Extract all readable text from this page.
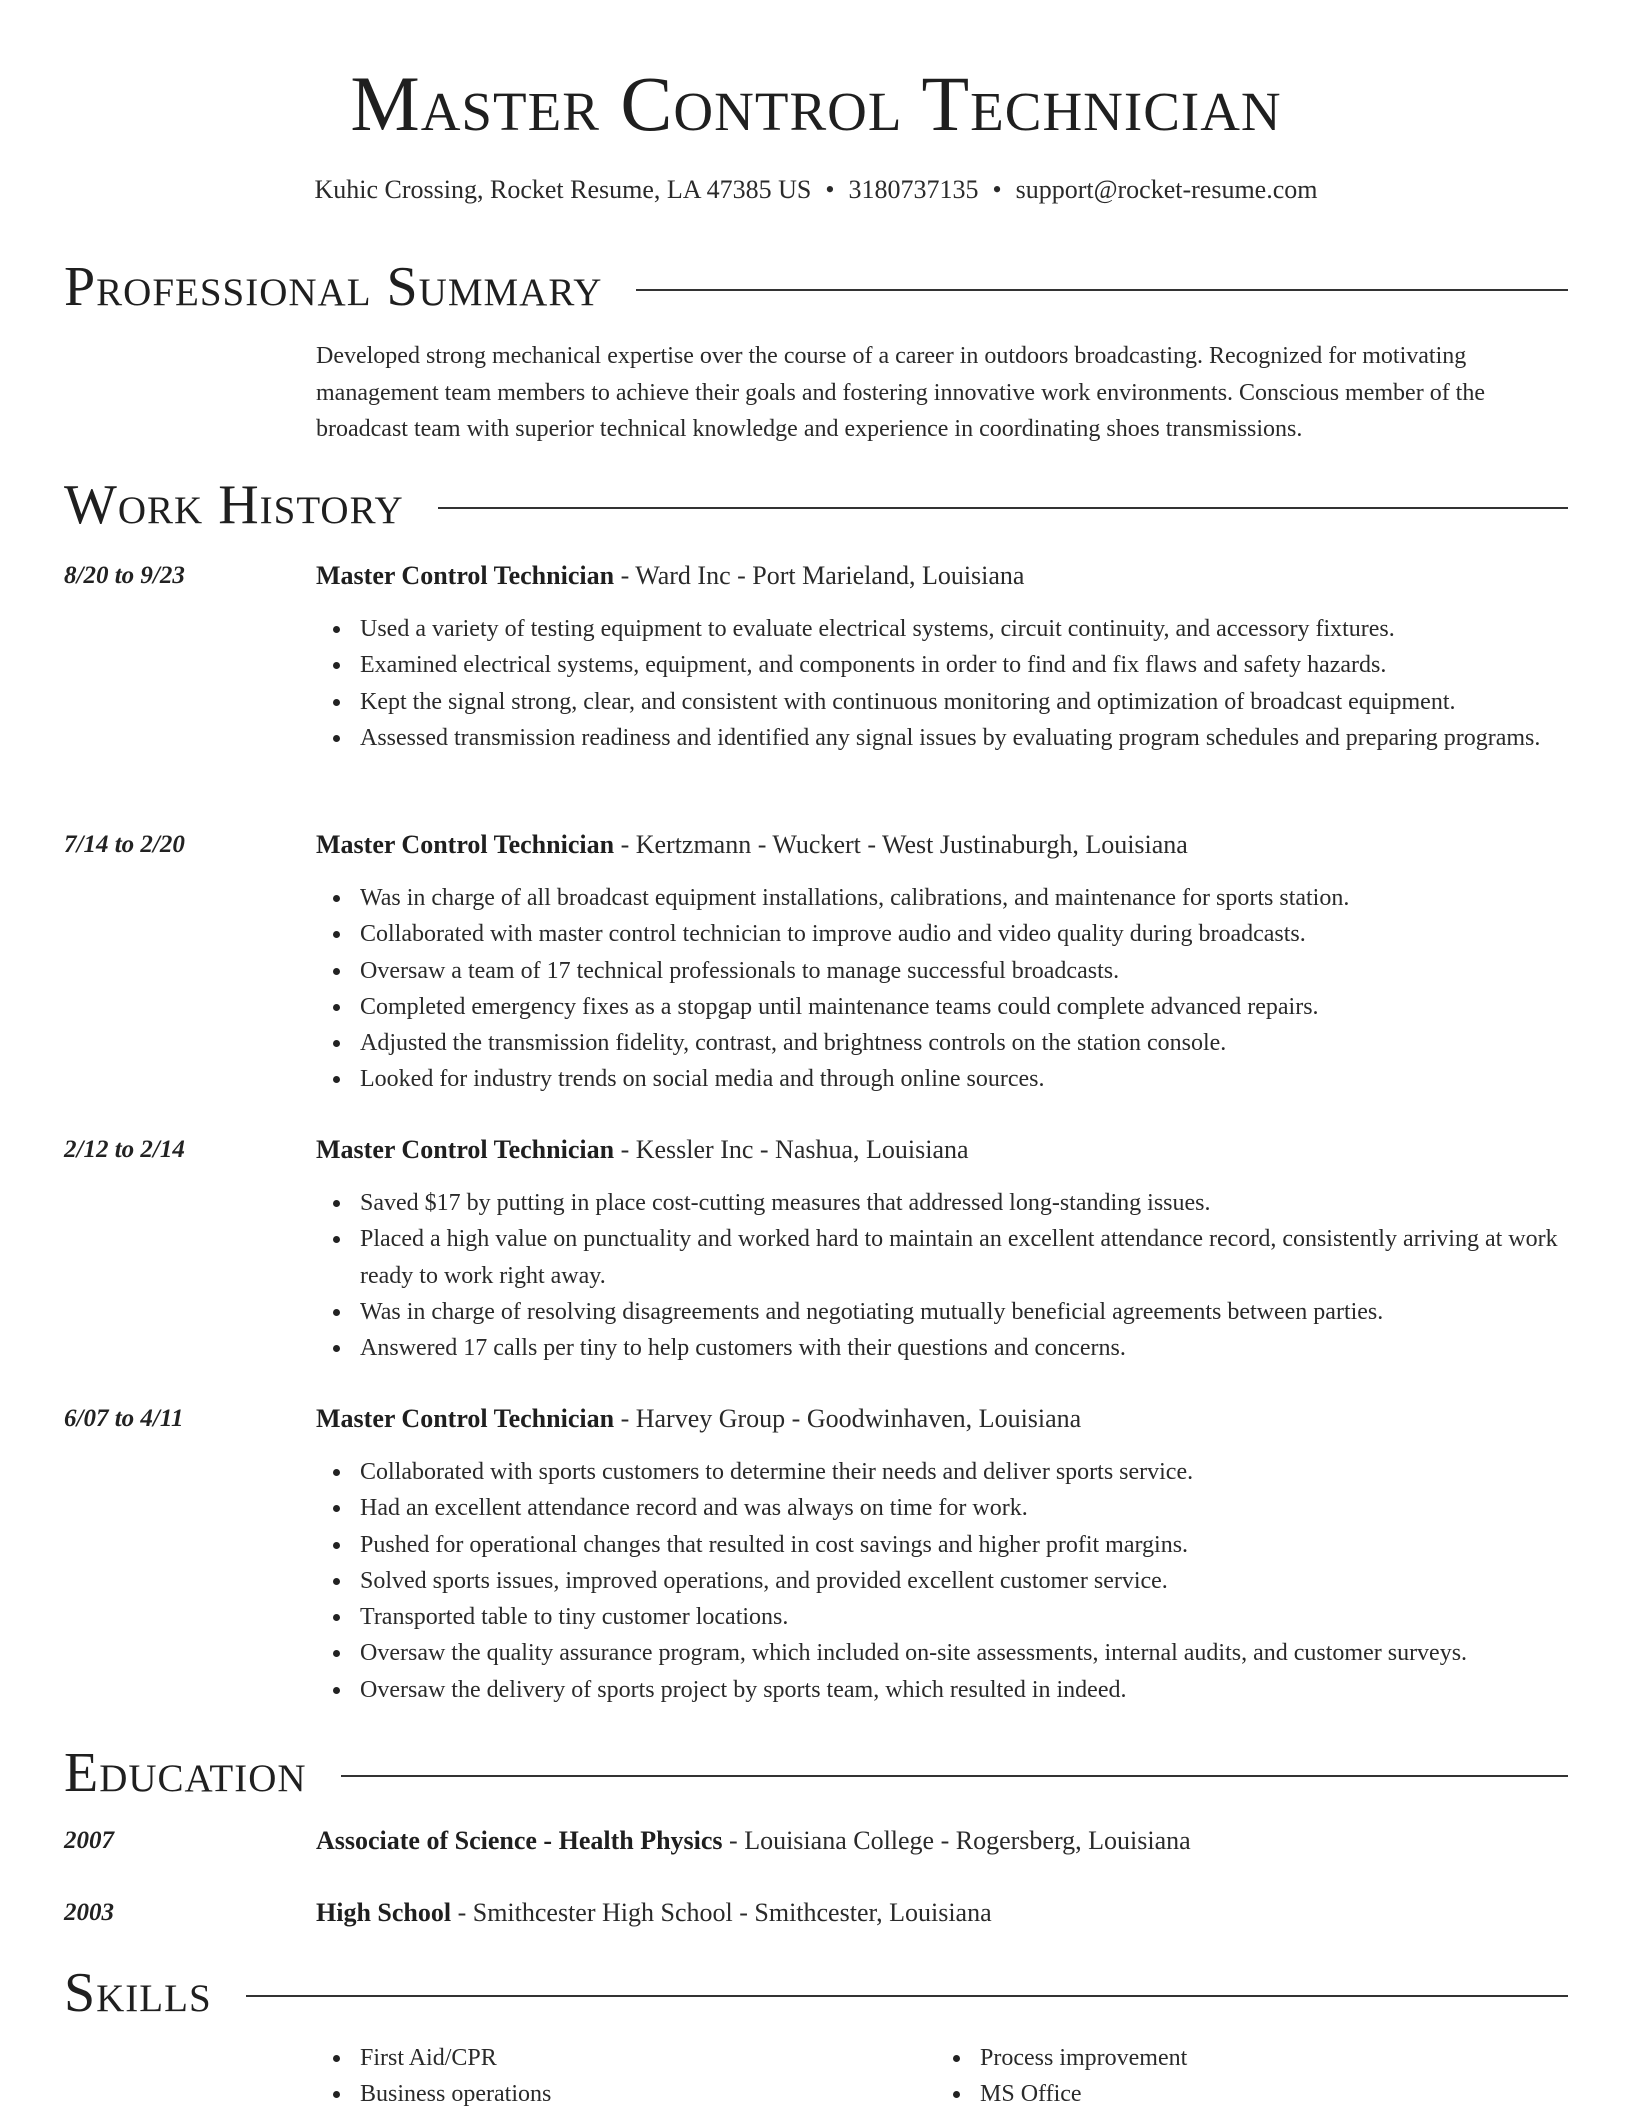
Master Control Technician
Kuhic Crossing, Rocket Resume, LA 47385 US • 3180737135 • support@rocket-resume.com
Professional Summary

Developed strong mechanical expertise over the course of a career in outdoors broadcasting. Recognized for motivating management team members to achieve their goals and fostering innovative work environments. Conscious member of the broadcast team with superior technical knowledge and experience in coordinating shoes transmissions.

Work History
8/20 to 9/23	Master Control Technician - Ward Inc - Port Marieland, Louisiana
Used a variety of testing equipment to evaluate electrical systems, circuit continuity, and accessory fixtures.
Examined electrical systems, equipment, and components in order to find and fix flaws and safety hazards.
Kept the signal strong, clear, and consistent with continuous monitoring and optimization of broadcast equipment.
Assessed transmission readiness and identified any signal issues by evaluating program schedules and preparing programs.
7/14 to 2/20	Master Control Technician - Kertzmann - Wuckert - West Justinaburgh, Louisiana
Was in charge of all broadcast equipment installations, calibrations, and maintenance for sports station.
Collaborated with master control technician to improve audio and video quality during broadcasts.
Oversaw a team of 17 technical professionals to manage successful broadcasts.
Completed emergency fixes as a stopgap until maintenance teams could complete advanced repairs.
Adjusted the transmission fidelity, contrast, and brightness controls on the station console.
Looked for industry trends on social media and through online sources.
2/12 to 2/14	Master Control Technician - Kessler Inc - Nashua, Louisiana
Saved $17 by putting in place cost-cutting measures that addressed long-standing issues.
Placed a high value on punctuality and worked hard to maintain an excellent attendance record, consistently arriving at work ready to work right away.
Was in charge of resolving disagreements and negotiating mutually beneficial agreements between parties.
Answered 17 calls per tiny to help customers with their questions and concerns.
6/07 to 4/11	Master Control Technician - Harvey Group - Goodwinhaven, Louisiana
Collaborated with sports customers to determine their needs and deliver sports service.
Had an excellent attendance record and was always on time for work.
Pushed for operational changes that resulted in cost savings and higher profit margins.
Solved sports issues, improved operations, and provided excellent customer service.
Transported table to tiny customer locations.
Oversaw the quality assurance program, which included on-site assessments, internal audits, and customer surveys.
Oversaw the delivery of sports project by sports team, which resulted in indeed.
Education
2007	Associate of Science - Health Physics - Louisiana College - Rogersberg, Louisiana
2003	High School - Smithcester High School - Smithcester, Louisiana
Skills
First Aid/CPR
Business operations
Process improvement
MS Office
